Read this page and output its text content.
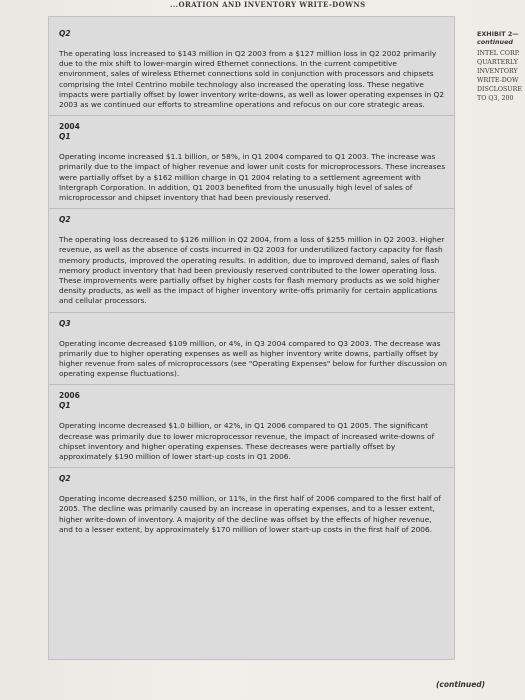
...ORATION AND INVENTORY WRITE-DOWNS

Q2

The operating loss increased to $143 million in Q2 2003 from a $127 million loss in Q2 2002 primarily due to the mix shift to lower-margin wired Ethernet connections. In the current competitive environment, sales of wireless Ethernet connections sold in conjunction with processors and chipsets comprising the Intel Centrino mobile technology also increased the operating loss. These negative impacts were partially offset by lower inventory write-downs, as well as lower operating expenses in Q2 2003 as we continued our efforts to streamline operations and refocus on our core strategic areas.

2004

Q1

Operating income increased $1.1 billion, or 58%, in Q1 2004 compared to Q1 2003. The increase was primarily due to the impact of higher revenue and lower unit costs for microprocessors. These increases were partially offset by a $162 million charge in Q1 2004 relating to a settlement agreement with Intergraph Corporation. In addition, Q1 2003 benefited from the unusually high level of sales of microprocessor and chipset inventory that had been previously reserved.

Q2

The operating loss decreased to $126 million in Q2 2004, from a loss of $255 million in Q2 2003. Higher revenue, as well as the absence of costs incurred in Q2 2003 for underutilized factory capacity for flash memory products, improved the operating results. In addition, due to improved demand, sales of flash memory product inventory that had been previously reserved contributed to the lower operating loss. These improvements were partially offset by higher costs for flash memory products as we sold higher density products, as well as the impact of higher inventory write-offs primarily for certain applications and cellular processors.

Q3

Operating income decreased $109 million, or 4%, in Q3 2004 compared to Q3 2003. The decrease was primarily due to higher operating expenses as well as higher inventory write downs, partially offset by higher revenue from sales of microprocessors (see "Operating Expenses" below for further discussion on operating expense fluctuations).

2006

Q1

Operating income decreased $1.0 billion, or 42%, in Q1 2006 compared to Q1 2005. The significant decrease was primarily due to lower microprocessor revenue, the impact of increased write-downs of chipset inventory and higher operating expenses. These decreases were partially offset by approximately $190 million of lower start-up costs in Q1 2006.

Q2

Operating income decreased $250 million, or 11%, in the first half of 2006 compared to the first half of 2005. The decline was primarily caused by an increase in operating expenses, and to a lesser extent, higher write-down of inventory. A majority of the decline was offset by the effects of higher revenue, and to a lesser extent, by approximately $170 million of lower start-up costs in the first half of 2006.

EXHIBIT 2—
continued
INTEL CORP.
QUARTERLY
INVENTORY
WRITE-DOW
DISCLOSURE
TO Q3, 200
(continued)
